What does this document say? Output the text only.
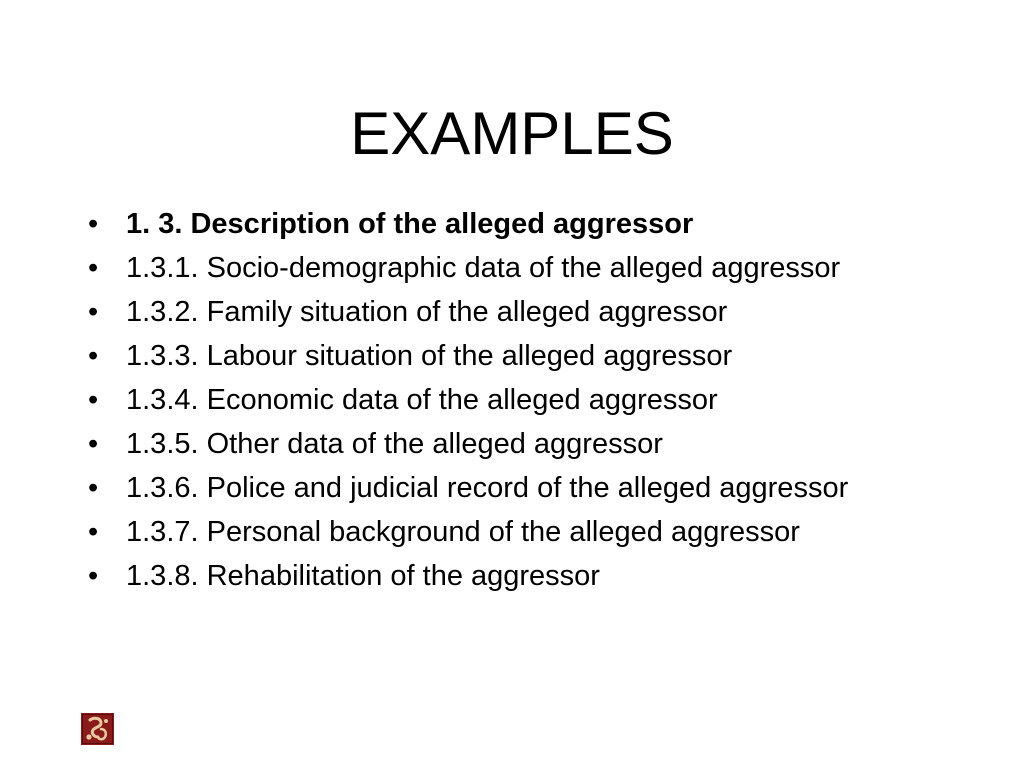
EXAMPLES
• 1. 3. Description of the alleged aggressor
• 1.3.1. Socio-demographic data of the alleged aggressor
• 1.3.2. Family situation of the alleged aggressor
• 1.3.3. Labour situation of the alleged aggressor
• 1.3.4. Economic data of the alleged aggressor
• 1.3.5. Other data of the alleged aggressor
• 1.3.6. Police and judicial record of the alleged aggressor
• 1.3.7. Personal background of the alleged aggressor
• 1.3.8. Rehabilitation of the aggressor
